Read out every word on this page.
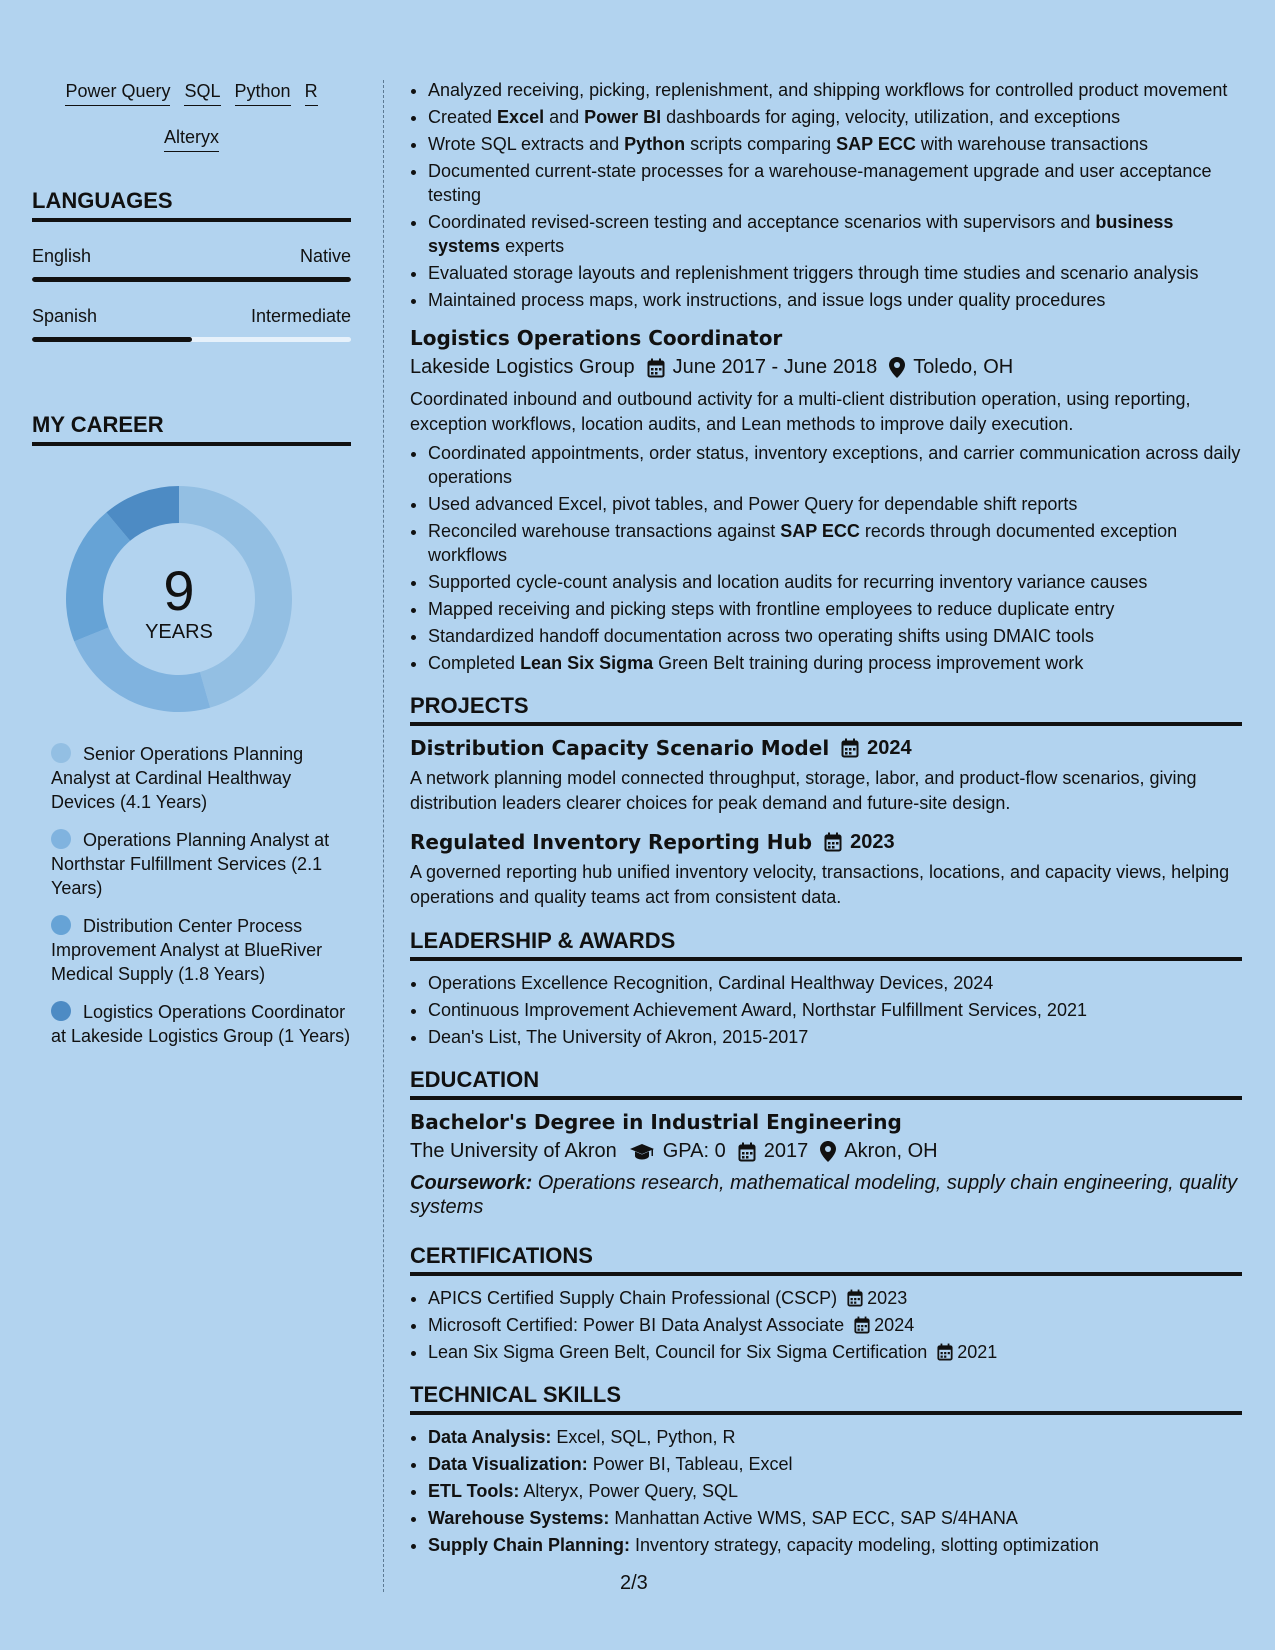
Power Query SQL Python R
Alteryx
LANGUAGES
English	Native
Spanish	Intermediate
MY CAREER
9
YEARS
Senior Operations Planning Analyst at Cardinal Healthway Devices (4.1 Years)
Operations Planning Analyst at Northstar Fulfillment Services (2.1 Years)
Distribution Center Process Improvement Analyst at BlueRiver Medical Supply (1.8 Years)
Logistics Operations Coordinator at Lakeside Logistics Group (1 Years)
• Analyzed receiving, picking, replenishment, and shipping workflows for controlled product movement
• Created Excel and Power BI dashboards for aging, velocity, utilization, and exceptions
• Wrote SQL extracts and Python scripts comparing SAP ECC with warehouse transactions
• Documented current-state processes for a warehouse-management upgrade and user acceptance testing
• Coordinated revised-screen testing and acceptance scenarios with supervisors and business systems experts
• Evaluated storage layouts and replenishment triggers through time studies and scenario analysis
• Maintained process maps, work instructions, and issue logs under quality procedures
Logistics Operations Coordinator
Lakeside Logistics Group June 2017 - June 2018 Toledo, OH
Coordinated inbound and outbound activity for a multi-client distribution operation, using reporting, exception workflows, location audits, and Lean methods to improve daily execution.
• Coordinated appointments, order status, inventory exceptions, and carrier communication across daily operations
• Used advanced Excel, pivot tables, and Power Query for dependable shift reports
• Reconciled warehouse transactions against SAP ECC records through documented exception workflows
• Supported cycle-count analysis and location audits for recurring inventory variance causes
• Mapped receiving and picking steps with frontline employees to reduce duplicate entry
• Standardized handoff documentation across two operating shifts using DMAIC tools
• Completed Lean Six Sigma Green Belt training during process improvement work
PROJECTS
Distribution Capacity Scenario Model 2024
A network planning model connected throughput, storage, labor, and product-flow scenarios, giving distribution leaders clearer choices for peak demand and future-site design.
Regulated Inventory Reporting Hub 2023
A governed reporting hub unified inventory velocity, transactions, locations, and capacity views, helping operations and quality teams act from consistent data.
LEADERSHIP & AWARDS
• Operations Excellence Recognition, Cardinal Healthway Devices, 2024
• Continuous Improvement Achievement Award, Northstar Fulfillment Services, 2021
• Dean's List, The University of Akron, 2015-2017
EDUCATION
Bachelor's Degree in Industrial Engineering
The University of Akron GPA: 0 2017 Akron, OH
Coursework: Operations research, mathematical modeling, supply chain engineering, quality systems
CERTIFICATIONS
• APICS Certified Supply Chain Professional (CSCP) 2023
• Microsoft Certified: Power BI Data Analyst Associate 2024
• Lean Six Sigma Green Belt, Council for Six Sigma Certification 2021
TECHNICAL SKILLS
• Data Analysis: Excel, SQL, Python, R
• Data Visualization: Power BI, Tableau, Excel
• ETL Tools: Alteryx, Power Query, SQL
• Warehouse Systems: Manhattan Active WMS, SAP ECC, SAP S/4HANA
• Supply Chain Planning: Inventory strategy, capacity modeling, slotting optimization
2/3
